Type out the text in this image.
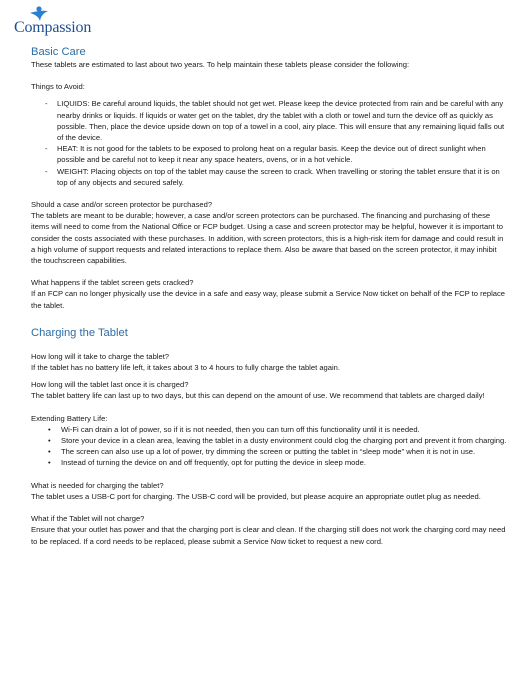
Compassion
Basic Care

These tablets are estimated to last about two years. To help maintain these tablets please consider the following:

Things to Avoid:

- LIQUIDS: Be careful around liquids, the tablet should not get wet. Please keep the device protected from rain and be careful with any nearby drinks or liquids. If liquids or water get on the tablet, dry the tablet with a cloth or towel and turn the device off as quickly as possible. Then, place the device upside down on top of a towel in a cool, airy place. This will ensure that any remaining liquid falls out of the device.
- HEAT: It is not good for the tablets to be exposed to prolong heat on a regular basis. Keep the device out of direct sunlight when possible and be careful not to keep it near any space heaters, ovens, or in a hot vehicle.
- WEIGHT: Placing objects on top of the tablet may cause the screen to crack. When travelling or storing the tablet ensure that it is on top of any objects and secured safely.

Should a case and/or screen protector be purchased?

The tablets are meant to be durable; however, a case and/or screen protectors can be purchased. The financing and purchasing of these items will need to come from the National Office or FCP budget. Using a case and screen protector may be helpful, however it is important to consider the costs associated with these purchases. In addition, with screen protectors, this is a high-risk item for damage and could result in a high volume of support requests and related interactions to replace them. Also be aware that based on the screen protector, it may inhibit the touchscreen capabilities.

What happens if the tablet screen gets cracked?

If an FCP can no longer physically use the device in a safe and easy way, please submit a Service Now ticket on behalf of the FCP to replace the tablet.

Charging the Tablet

How long will it take to charge the tablet?

If the tablet has no battery life left, it takes about 3 to 4 hours to fully charge the tablet again.

How long will the tablet last once it is charged?

The tablet battery life can last up to two days, but this can depend on the amount of use. We recommend that tablets are charged daily!

Extending Battery Life:

• Wi-Fi can drain a lot of power, so if it is not needed, then you can turn off this functionality until it is needed.
• Store your device in a clean area, leaving the tablet in a dusty environment could clog the charging port and prevent it from charging.
• The screen can also use up a lot of power, try dimming the screen or putting the tablet in “sleep mode” when it is not in use.
• Instead of turning the device on and off frequently, opt for putting the device in sleep mode.

What is needed for charging the tablet?

The tablet uses a USB-C port for charging. The USB-C cord will be provided, but please acquire an appropriate outlet plug as needed.

What if the Tablet will not charge?

Ensure that your outlet has power and that the charging port is clear and clean. If the charging still does not work the charging cord may need to be replaced. If a cord needs to be replaced, please submit a Service Now ticket to request a new cord.
